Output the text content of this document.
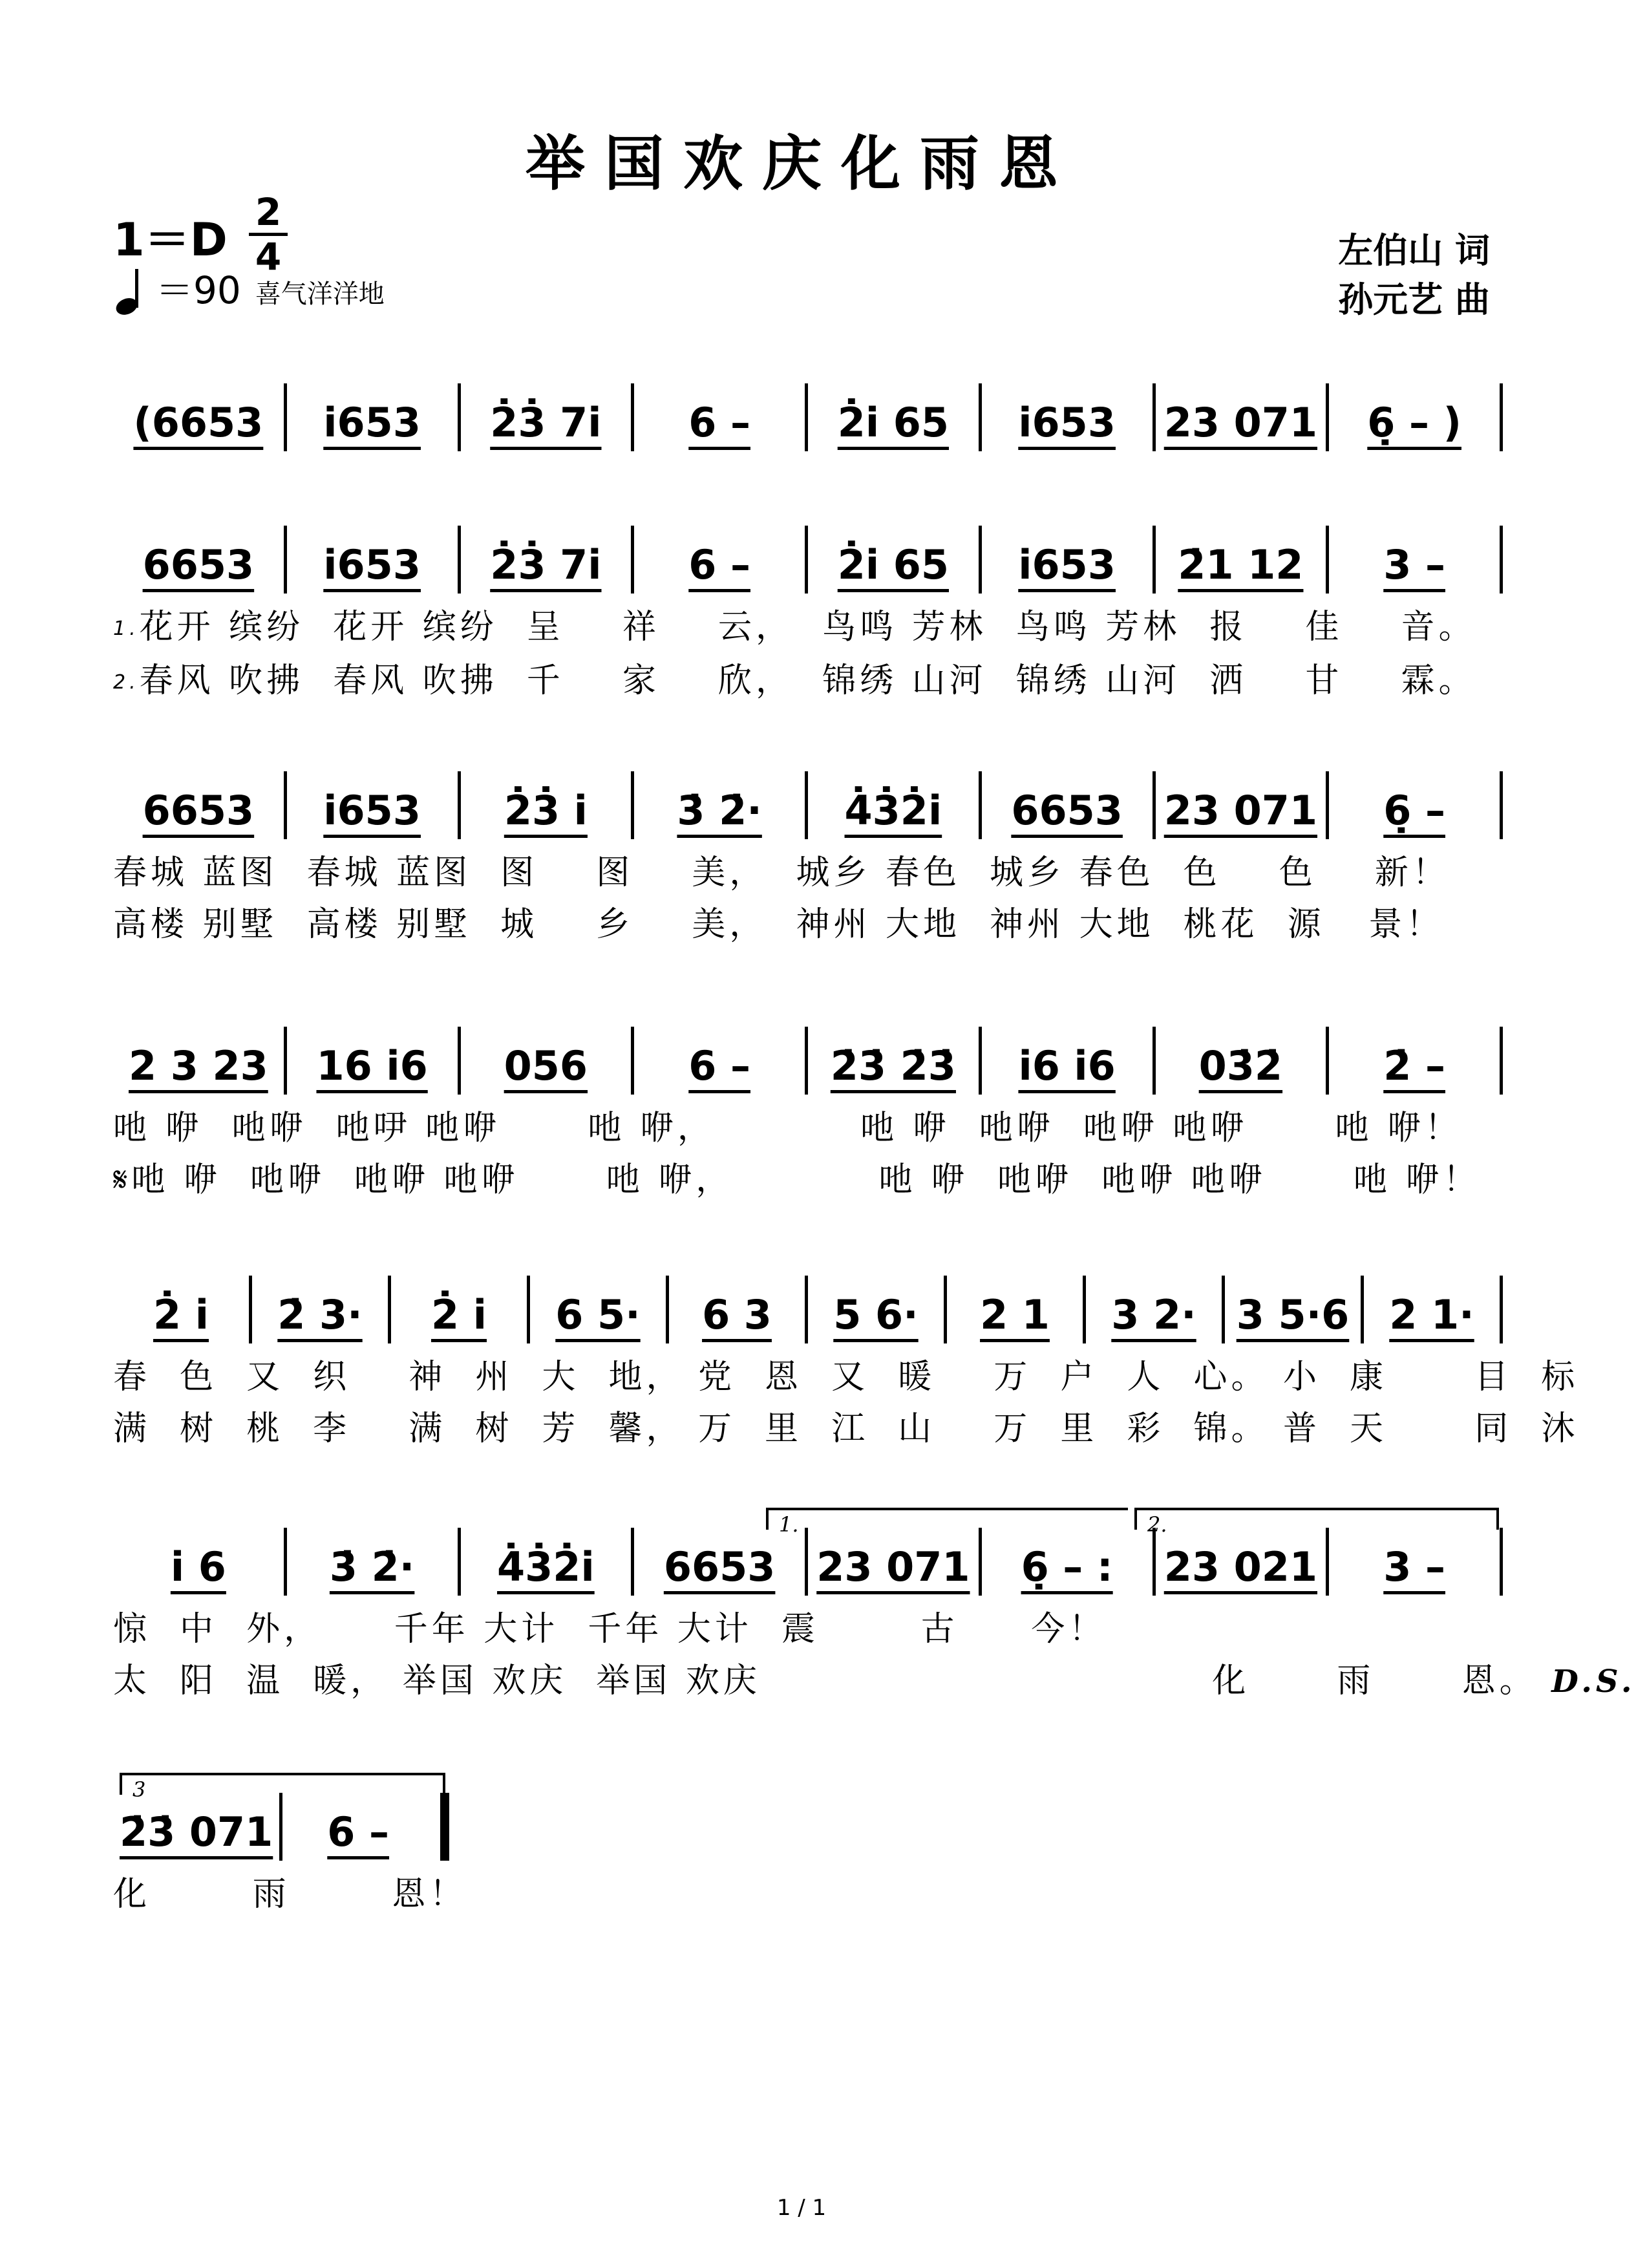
举国欢庆化雨恩
1＝D
2
4
＝90 喜气洋洋地
左伯山 词
孙元艺 曲
(6653 i653 2̇3̇ 7i 6 – 2̇i 65 i653 23 071 6̣ – )
6653 i653 2̇3̇ 7i 6 – 2̇i 65 i653 2̇1 12 3 –
1.花开 缤纷  花开 缤纷  呈    祥    云，  鸟鸣 芳林  鸟鸣 芳林  报    佳    音。
2.春风 吹拂  春风 吹拂  千    家    欣，  锦绣 山河  锦绣 山河  洒    甘    霖。
6653 i653 2̇3̇ i 3̇ 2̇· 4̇3̇2̇i 6653 23 071 6̣ –
春城 蓝图  春城 蓝图  图    图    美，  城乡 春色  城乡 春色  色    色    新！
高楼 别墅  高楼 别墅  城    乡    美，  神州 大地  神州 大地  桃花  源   景！
2 3 23 16 i6 056	6 – 2̇3̇ 2̇3̇ i6 i6 03̇2̇	2̇ –
吔 咿  吔咿  吔吚 吔咿      吔 咿，          吔 咿  吔咿  吔咿 吔咿      吔 咿！
𝄋吔 咿  吔咿  吔咿 吔咿      吔 咿，          吔 咿  吔咿  吔咿 吔咿      吔 咿！
2̇ i 2̇ 3· 2̇ i 6 5· 6 3 5 6· 2 1 3 2· 3 5·6 2 1·
春  色  又  织    神  州  大  地， 党  恩  又  暖    万  户  人  心。 小  康      目  标
满  树  桃  李    满  树  芳  馨， 万  里  江  山    万  里  彩  锦。 普  天      同  沐
i 6	3̇ 2̇· 4̇3̇2̇i 6653 23 071 6̣ – : 23 021 3 –
1.	2.
惊  中  外，     千年 大计  千年 大计  震       古     今！
太  阳  温  暖， 举国 欢庆  举国 欢庆                               化      雨      恩。 D.S.
2̇3̇ 071 6 –
3
化       雨       恩！
1 / 1
